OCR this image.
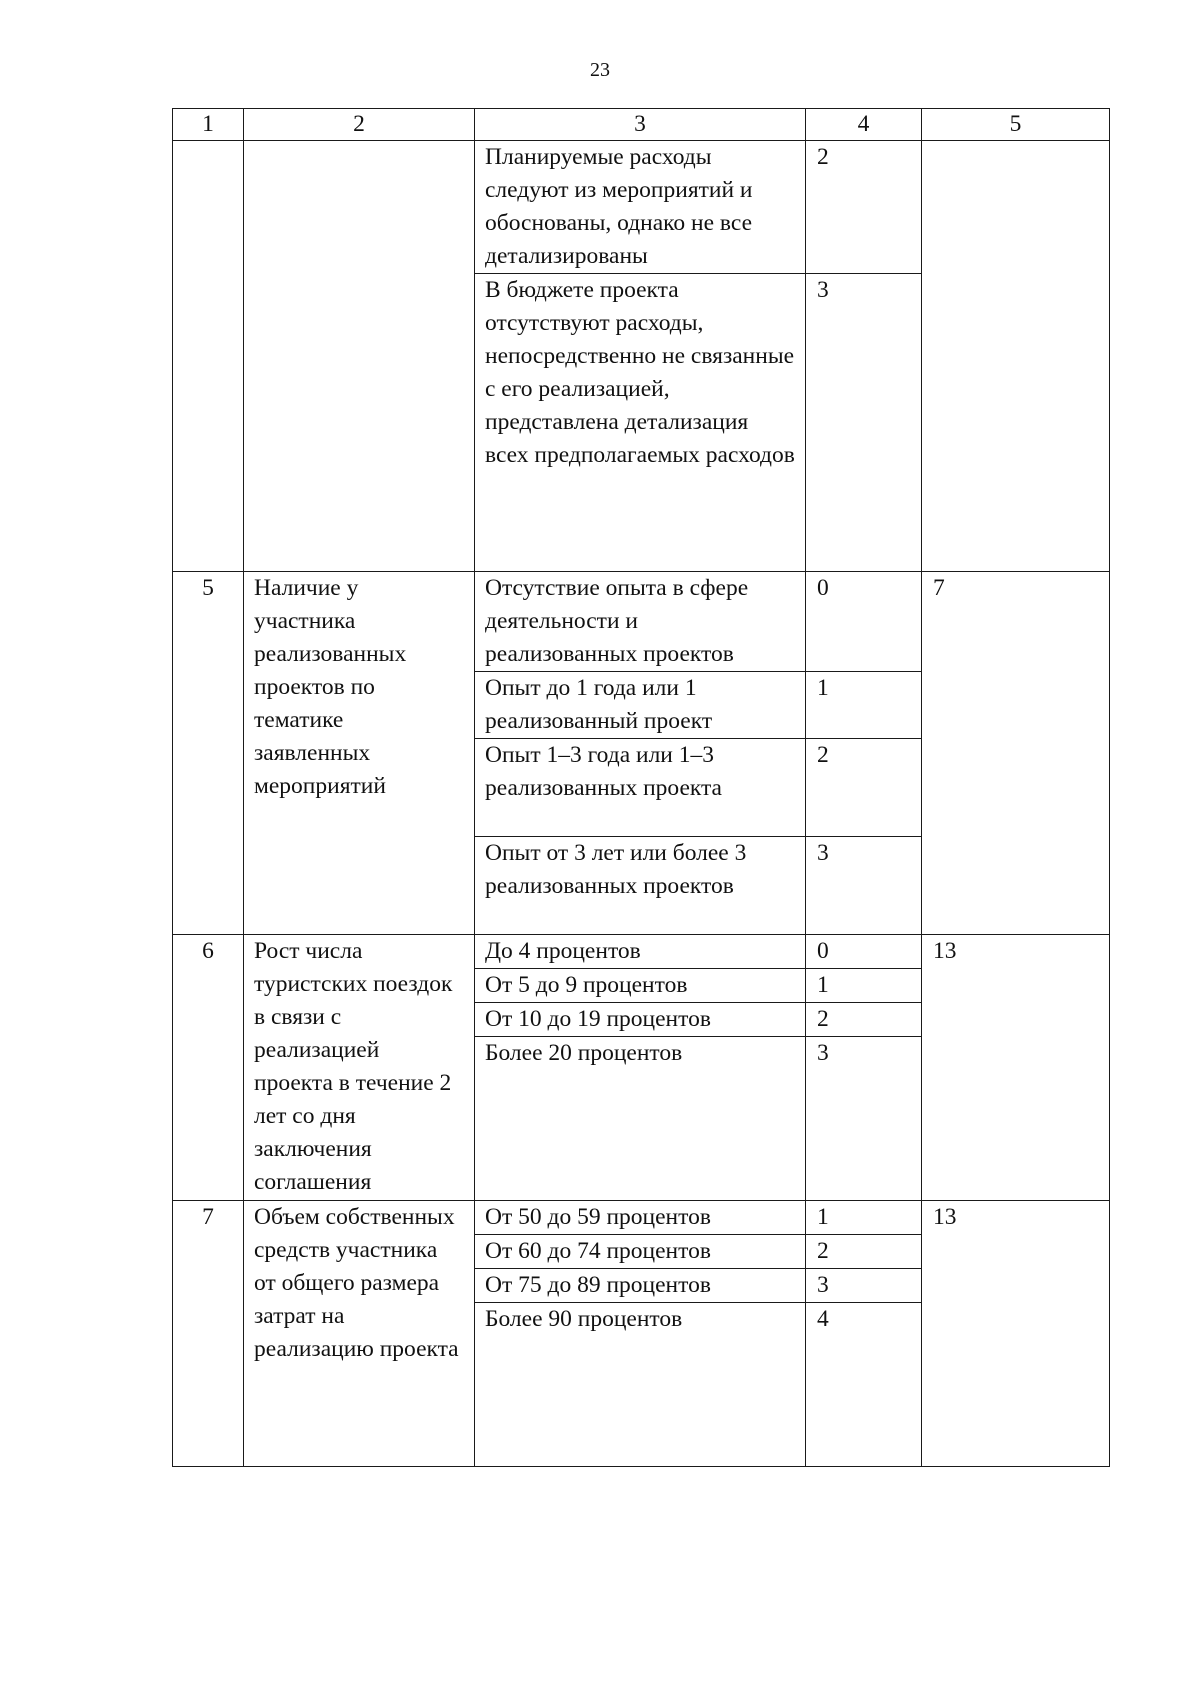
23
1	2	3	4	5
		Планируемые расходы следуют из мероприятий и обоснованы, однако не все детализированы	2	
		В бюджете проекта отсутствуют расходы, непосредственно не связанные с его реализацией, представлена детализация всех предполагаемых расходов	3	
5	Наличие у участника реализованных проектов по тематике заявленных мероприятий	Отсутствие опыта в сфере деятельности и реализованных проектов	0	7
		Опыт до 1 года или 1 реализованный проект	1	
		Опыт 1–3 года или 1–3 реализованных проекта	2	
		Опыт от 3 лет или более 3 реализованных проектов	3	
6	Рост числа туристских поездок в связи с реализацией проекта в течение 2 лет со дня заключения соглашения	До 4 процентов	0	13
		От 5 до 9 процентов	1	
		От 10 до 19 процентов	2	
		Более 20 процентов	3	
7	Объем собственных средств участника от общего размера затрат на реализацию проекта	От 50 до 59 процентов	1	13
		От 60 до 74 процентов	2	
		От 75 до 89 процентов	3	
		Более 90 процентов	4	
